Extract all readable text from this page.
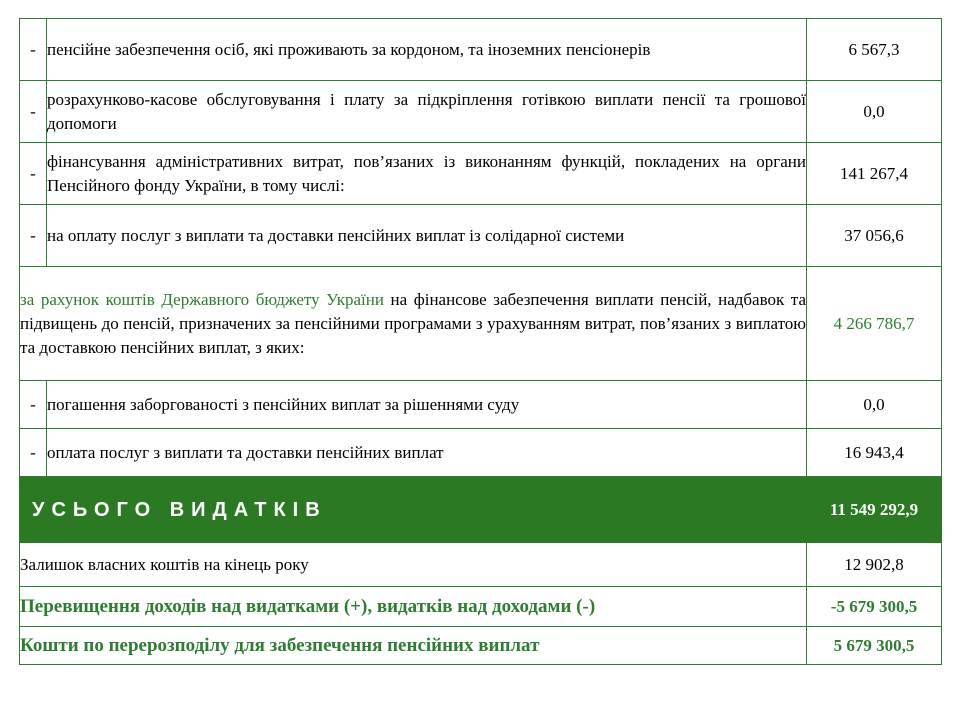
-	пенсійне забезпечення осіб, які проживають за кордоном, та іноземних пенсіонерів	6 567,3
-	розрахунково-касове обслуговування і плату за підкріплення готівкою виплати пенсії та грошової допомоги	0,0
-	фінансування адміністративних витрат, пов’язаних із виконанням функцій, покладених на органи Пенсійного фонду України, в тому числі:	141 267,4
-	на оплату послуг з виплати та доставки пенсійних виплат із солідарної системи	37 056,6
за рахунок коштів Державного бюджету України на фінансове забезпечення виплати пенсій, надбавок та підвищень до пенсій, призначених за пенсійними програмами з урахуванням витрат, пов’язаних з виплатою та доставкою пенсійних виплат, з яких:		4 266 786,7
-	погашення заборгованості з пенсійних виплат за рішеннями суду	0,0
-	оплата послуг з виплати та доставки пенсійних виплат	16 943,4
УСЬОГО ВИДАТКІВ		11 549 292,9
Залишок власних коштів на кінець року		12 902,8
Перевищення доходів над видатками (+), видатків над доходами (-)		-5 679 300,5
Кошти по перерозподілу для забезпечення пенсійних виплат		5 679 300,5
